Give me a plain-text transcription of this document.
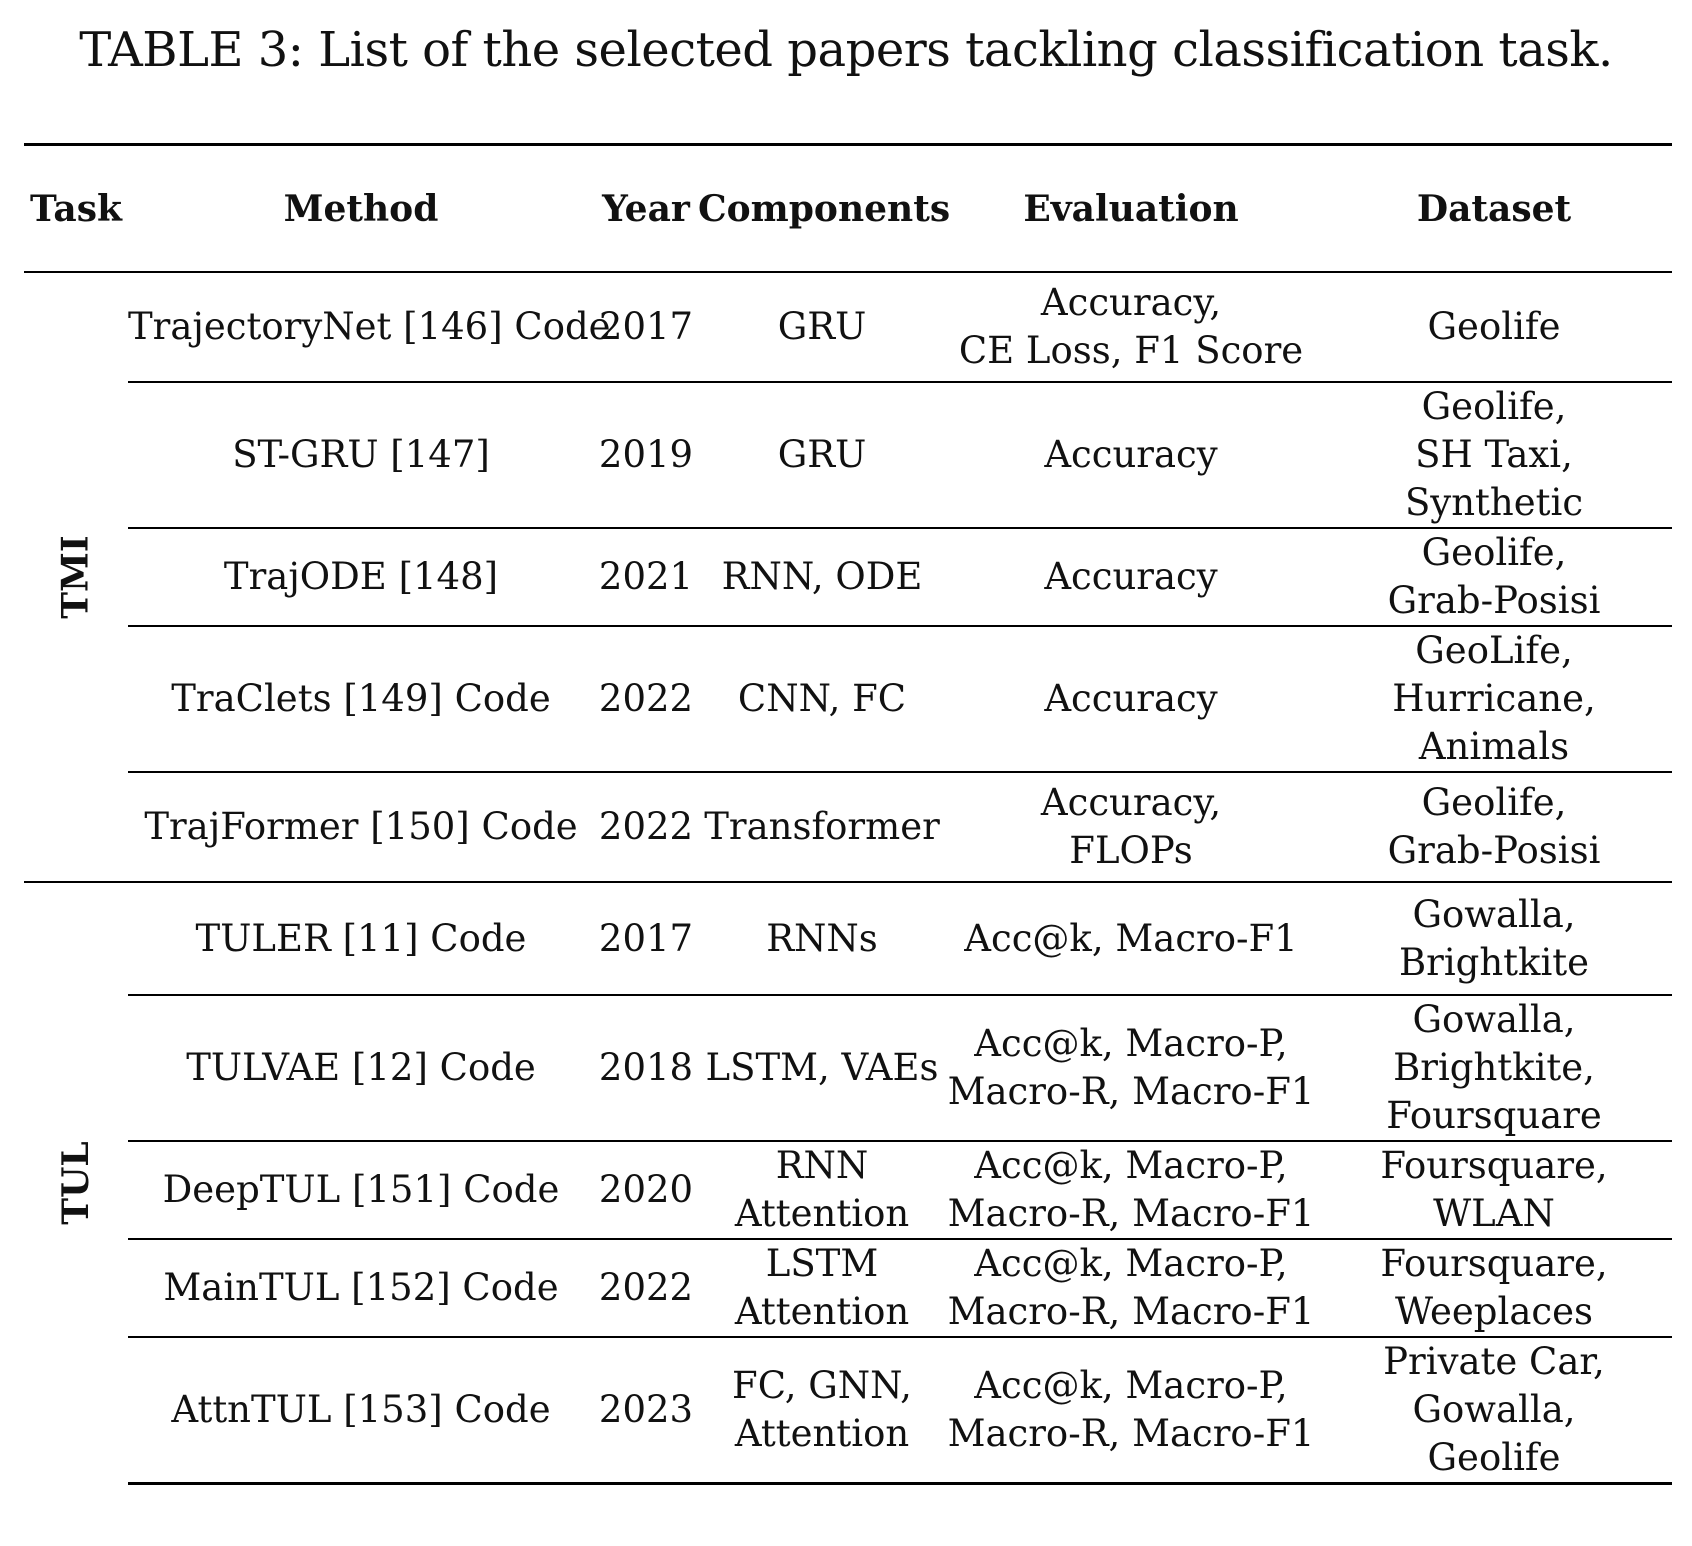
TABLE 3: List of the selected papers tackling classification task.
Task	Method	Year	Components	Evaluation	Dataset
TMI	TrajectoryNet [146] Code	2017	GRU	Accuracy,
CE Loss, F1 Score	Geolife

	ST-GRU [147]	2019	GRU	Accuracy	Geolife,
SH Taxi,
Synthetic

	TrajODE [148]	2021	RNN, ODE	Accuracy	Geolife,
Grab-Posisi

	TraClets [149] Code	2022	CNN, FC	Accuracy	GeoLife,
Hurricane,
Animals

	TrajFormer [150] Code	2022	Transformer	Accuracy,
FLOPs	Geolife,
Grab-Posisi

TUL	TULER [11] Code	2017	RNNs	Acc@k, Macro-F1	Gowalla,
Brightkite

	TULVAE [12] Code	2018	LSTM, VAEs	Acc@k, Macro-P,
Macro-R, Macro-F1	Gowalla,
Brightkite,
Foursquare

	DeepTUL [151] Code	2020	RNN
Attention	Acc@k, Macro-P,
Macro-R, Macro-F1	Foursquare,
WLAN

	MainTUL [152] Code	2022	LSTM
Attention	Acc@k, Macro-P,
Macro-R, Macro-F1	Foursquare,
Weeplaces

	AttnTUL [153] Code	2023	FC, GNN,
Attention	Acc@k, Macro-P,
Macro-R, Macro-F1	Private Car,
Gowalla,
Geolife
